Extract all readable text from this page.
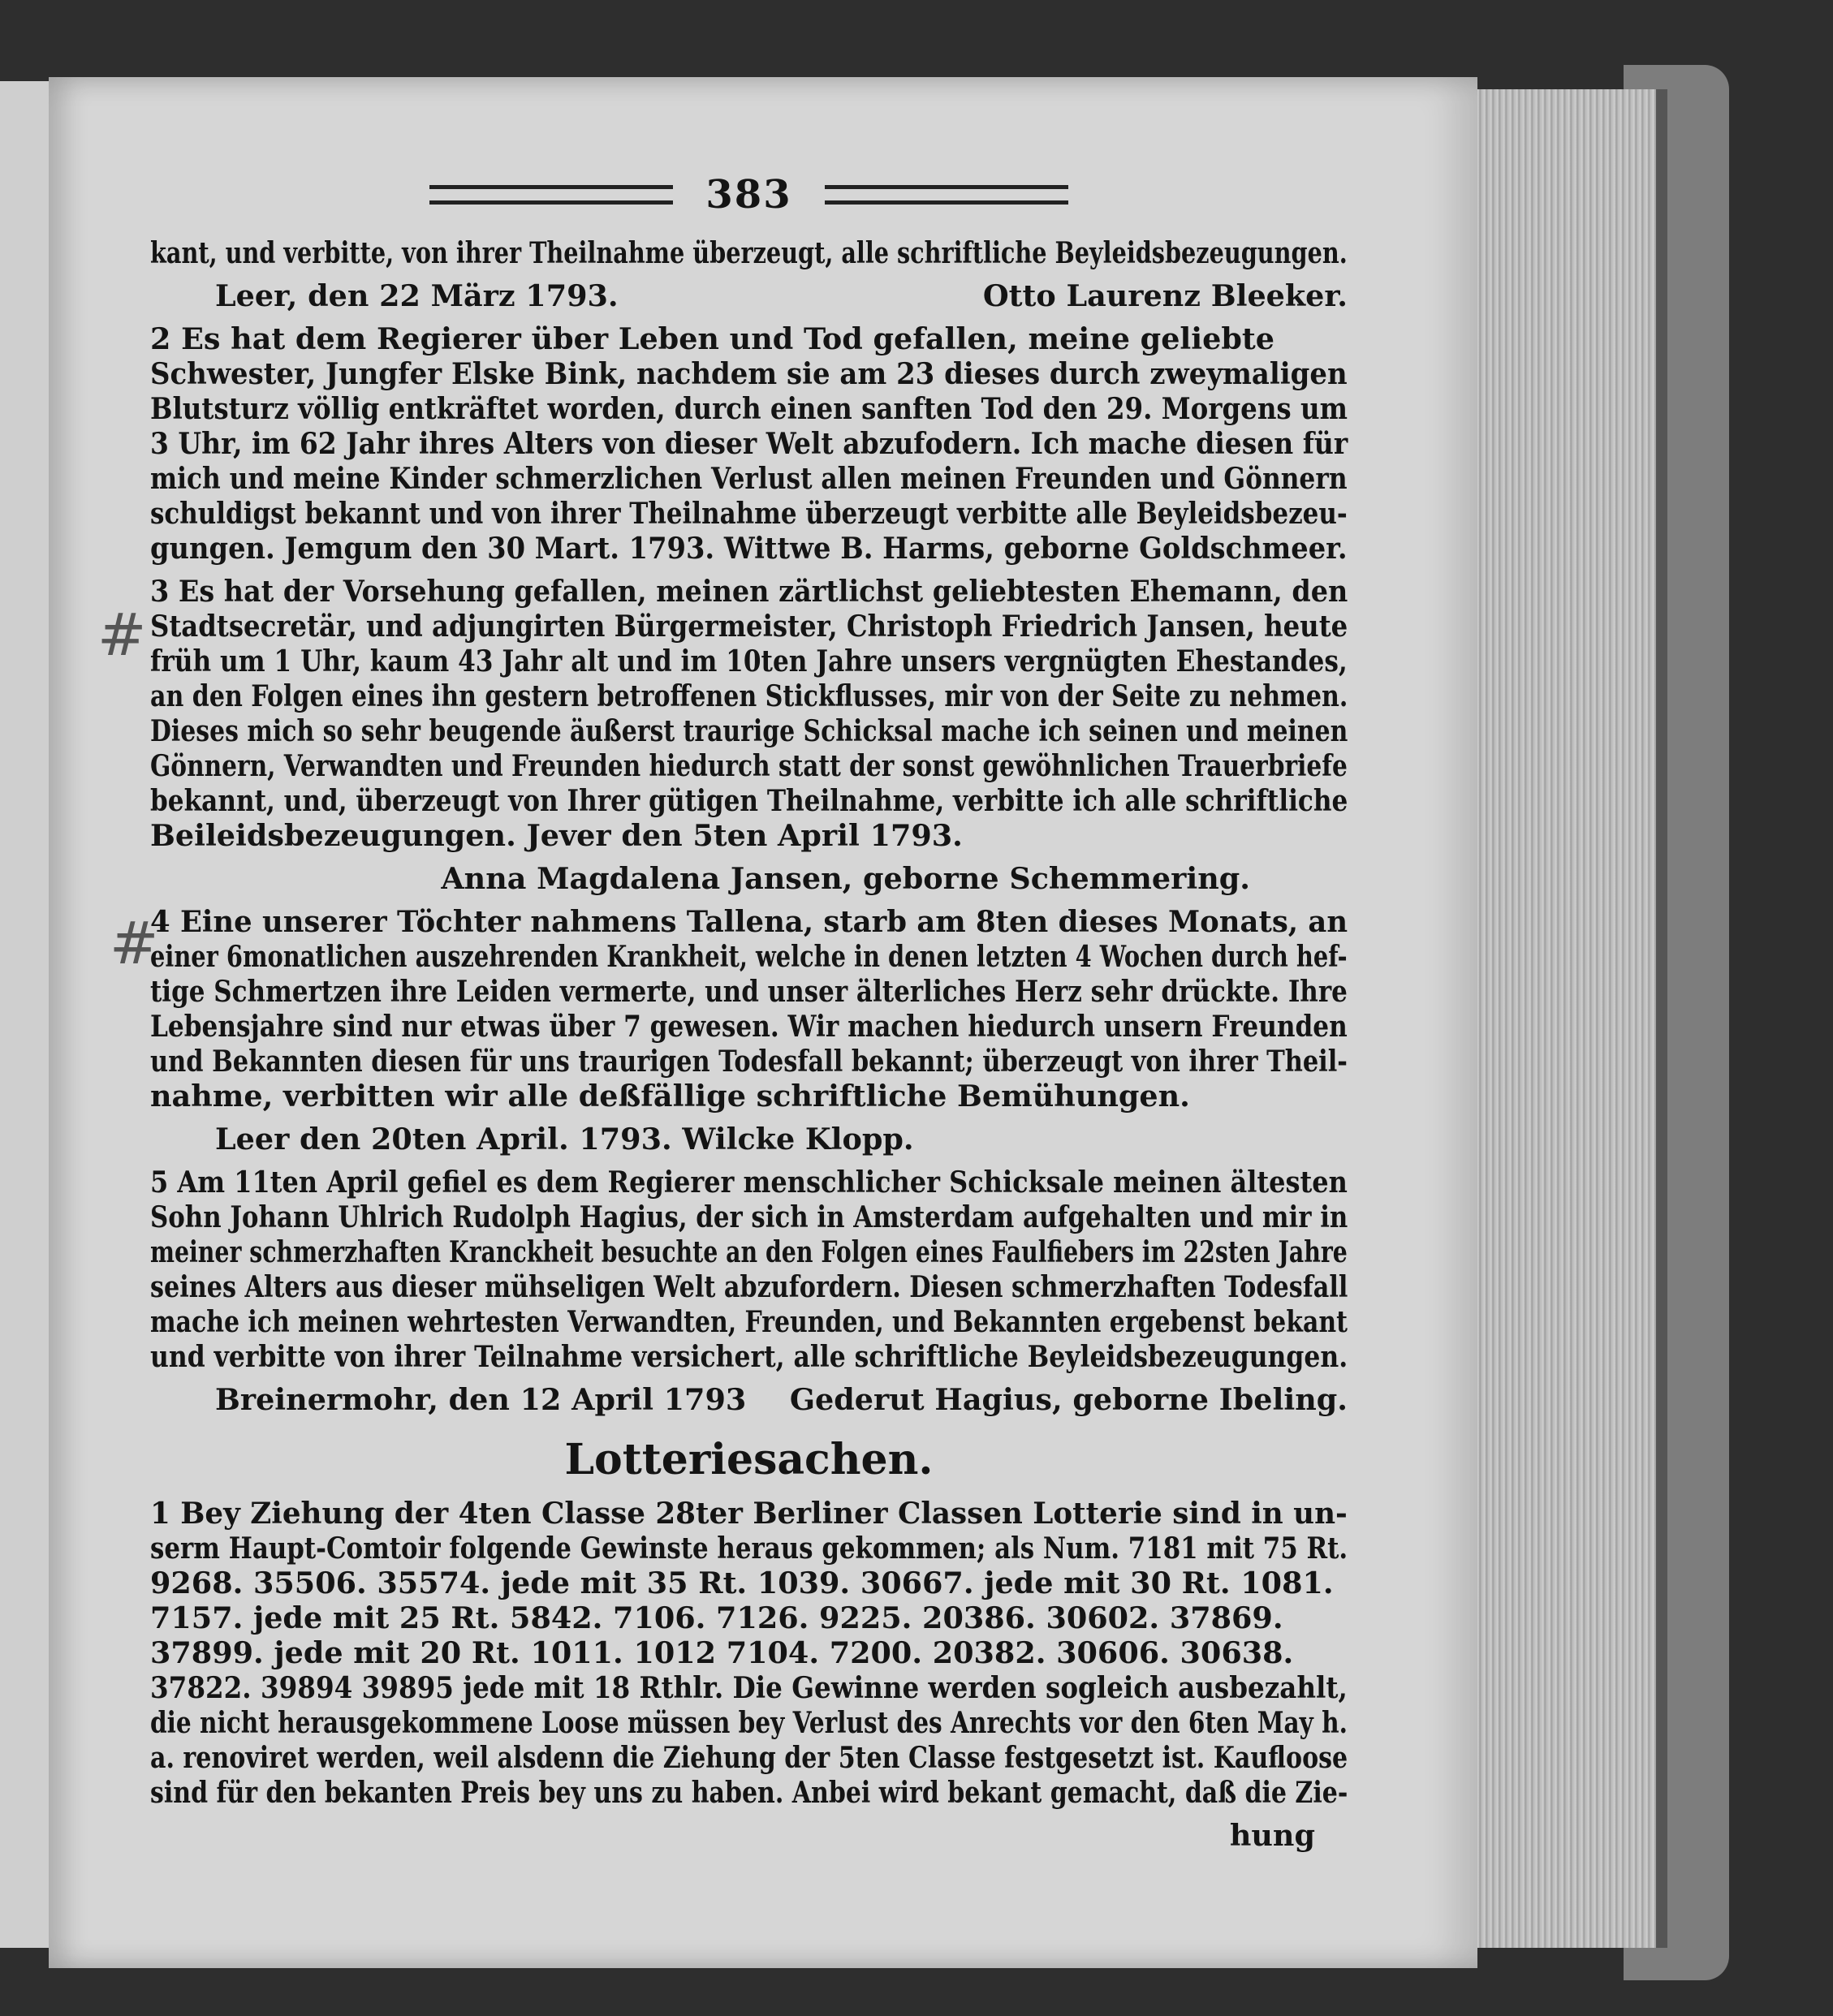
#
#
383

kant, und verbitte, von ihrer Theilnahme überzeugt, alle schriftliche Beyleidsbezeugungen.

Leer, den 22 März 1793.	Otto Laurenz Bleeker.

2 Es hat dem Regierer über Leben und Tod gefallen, meine geliebte
Schwester, Jungfer Elske Bink, nachdem sie am 23 dieses durch zweymaligen
Blutsturz völlig entkräftet worden, durch einen sanften Tod den 29. Morgens um
3 Uhr, im 62 Jahr ihres Alters von dieser Welt abzufodern. Ich mache diesen für
mich und meine Kinder schmerzlichen Verlust allen meinen Freunden und Gönnern
schuldigst bekannt und von ihrer Theilnahme überzeugt verbitte alle Beyleidsbezeu-
gungen. Jemgum den 30 Mart. 1793. Wittwe B. Harms, geborne Goldschmeer.

3 Es hat der Vorsehung gefallen, meinen zärtlichst geliebtesten Ehemann, den
Stadtsecretär, und adjungirten Bürgermeister, Christoph Friedrich Jansen, heute
früh um 1 Uhr, kaum 43 Jahr alt und im 10ten Jahre unsers vergnügten Ehestandes,
an den Folgen eines ihn gestern betroffenen Stickflusses, mir von der Seite zu nehmen.
Dieses mich so sehr beugende äußerst traurige Schicksal mache ich seinen und meinen
Gönnern, Verwandten und Freunden hiedurch statt der sonst gewöhnlichen Trauerbriefe
bekannt, und, überzeugt von Ihrer gütigen Theilnahme, verbitte ich alle schriftliche
Beileidsbezeugungen. Jever den 5ten April 1793.

Anna Magdalena Jansen, geborne Schemmering.

4 Eine unserer Töchter nahmens Tallena, starb am 8ten dieses Monats, an
einer 6monatlichen auszehrenden Krankheit, welche in denen letzten 4 Wochen durch hef-
tige Schmertzen ihre Leiden vermerte, und unser älterliches Herz sehr drückte. Ihre
Lebensjahre sind nur etwas über 7 gewesen. Wir machen hiedurch unsern Freunden
und Bekannten diesen für uns traurigen Todesfall bekannt; überzeugt von ihrer Theil-
nahme, verbitten wir alle deßfällige schriftliche Bemühungen.

Leer den 20ten April. 1793. Wilcke Klopp.

5 Am 11ten April gefiel es dem Regierer menschlicher Schicksale meinen ältesten
Sohn Johann Uhlrich Rudolph Hagius, der sich in Amsterdam aufgehalten und mir in
meiner schmerzhaften Kranckheit besuchte an den Folgen eines Faulfiebers im 22sten Jahre
seines Alters aus dieser mühseligen Welt abzufordern. Diesen schmerzhaften Todesfall
mache ich meinen wehrtesten Verwandten, Freunden, und Bekannten ergebenst bekant
und verbitte von ihrer Teilnahme versichert, alle schriftliche Beyleidsbezeugungen.

Breinermohr, den 12 April 1793 Gederut Hagius, geborne Ibeling.
Lotteriesachen.

1 Bey Ziehung der 4ten Classe 28ter Berliner Classen Lotterie sind in un-
serm Haupt-Comtoir folgende Gewinste heraus gekommen; als Num. 7181 mit 75 Rt.
9268. 35506. 35574. jede mit 35 Rt. 1039. 30667. jede mit 30 Rt. 1081.
7157. jede mit 25 Rt. 5842. 7106. 7126. 9225. 20386. 30602. 37869.
37899. jede mit 20 Rt. 1011. 1012 7104. 7200. 20382. 30606. 30638.
37822. 39894 39895 jede mit 18 Rthlr. Die Gewinne werden sogleich ausbezahlt,
die nicht herausgekommene Loose müssen bey Verlust des Anrechts vor den 6ten May h.
a. renoviret werden, weil alsdenn die Ziehung der 5ten Classe festgesetzt ist. Kaufloose
sind für den bekanten Preis bey uns zu haben. Anbei wird bekant gemacht, daß die Zie-

hung
